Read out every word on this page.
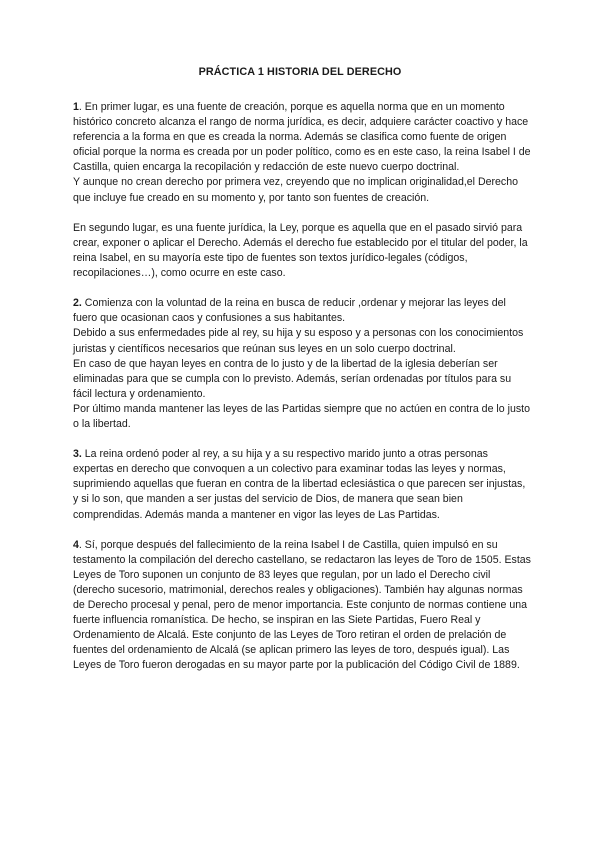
PRÁCTICA 1 HISTORIA DEL DERECHO

1. En primer lugar, es una fuente de creación, porque es aquella norma que en un momento histórico concreto alcanza el rango de norma jurídica, es decir, adquiere carácter coactivo y hace referencia a la forma en que es creada la norma. Además se clasifica como fuente de origen oficial porque la norma es creada por un poder político, como es en este caso, la reina Isabel I de Castilla, quien encarga la recopilación y redacción de este nuevo cuerpo doctrinal.

Y aunque no crean derecho por primera vez, creyendo que no implican originalidad,el Derecho que incluye fue creado en su momento y, por tanto son fuentes de creación.

En segundo lugar, es una fuente jurídica, la Ley, porque es aquella que en el pasado sirvió para crear, exponer o aplicar el Derecho. Además el derecho fue establecido por el titular del poder, la reina Isabel, en su mayoría este tipo de fuentes son textos jurídico-legales (códigos, recopilaciones…), como ocurre en este caso.

2. Comienza con la voluntad de la reina en busca de reducir ,ordenar y mejorar las leyes del fuero que ocasionan caos y confusiones a sus habitantes.

Debido a sus enfermedades pide al rey, su hija y su esposo y a personas con los conocimientos juristas y científicos necesarios que reúnan sus leyes en un solo cuerpo doctrinal.

En caso de que hayan leyes en contra de lo justo y de la libertad de la iglesia deberían ser eliminadas para que se cumpla con lo previsto. Además, serían ordenadas por títulos para su fácil lectura y ordenamiento.

Por último manda mantener las leyes de las Partidas siempre que no actúen en contra de lo justo o la libertad.

3. La reina ordenó poder al rey, a su hija y a su respectivo marido junto a otras personas expertas en derecho que convoquen a un colectivo para examinar todas las leyes y normas, suprimiendo aquellas que fueran en contra de la libertad eclesiástica o que parecen ser injustas, y si lo son, que manden a ser justas del servicio de Dios, de manera que sean bien comprendidas. Además manda a mantener en vigor las leyes de Las Partidas.

4. Sí, porque después del fallecimiento de la reina Isabel I de Castilla, quien impulsó en su testamento la compilación del derecho castellano, se redactaron las leyes de Toro de 1505. Estas Leyes de Toro suponen un conjunto de 83 leyes que regulan, por un lado el Derecho civil (derecho sucesorio, matrimonial, derechos reales y obligaciones). También hay algunas normas de Derecho procesal y penal, pero de menor importancia. Este conjunto de normas contiene una fuerte influencia romanística. De hecho, se inspiran en las Siete Partidas, Fuero Real y Ordenamiento de Alcalá. Este conjunto de las Leyes de Toro retiran el orden de prelación de fuentes del ordenamiento de Alcalá (se aplican primero las leyes de toro, después igual). Las Leyes de Toro fueron derogadas en su mayor parte por la publicación del Código Civil de 1889.
